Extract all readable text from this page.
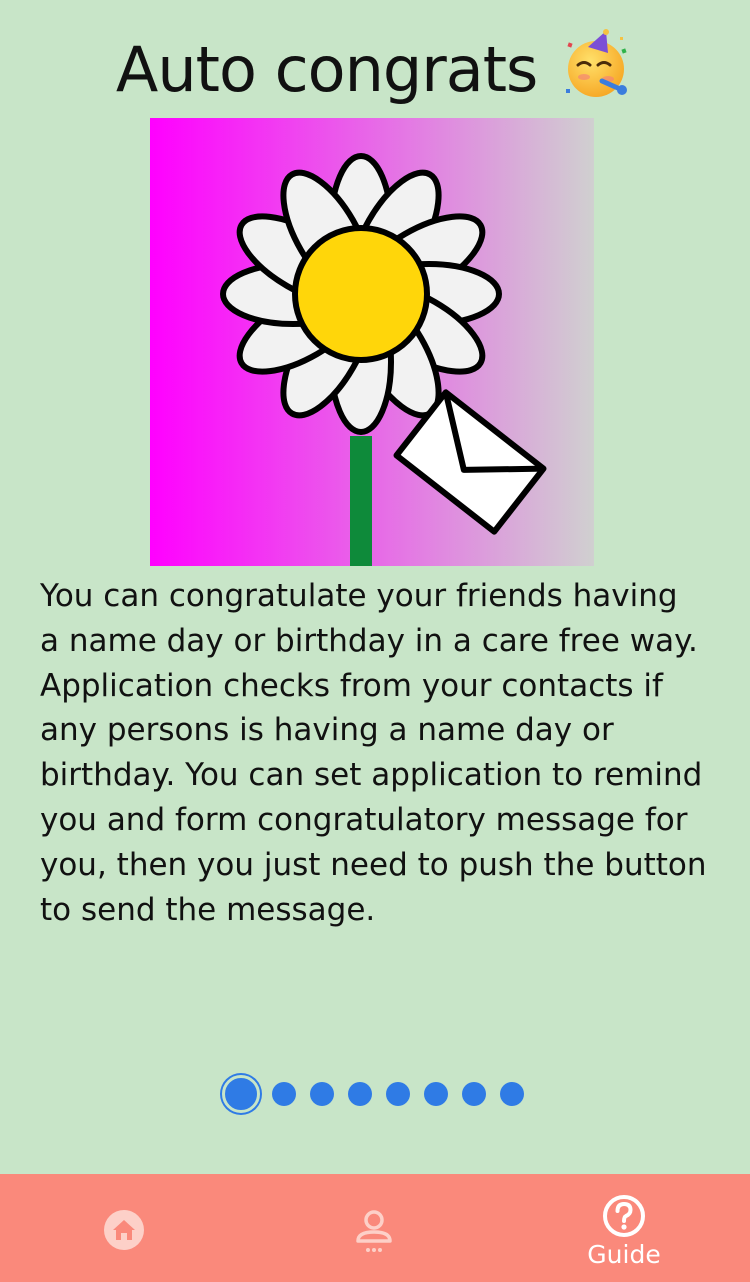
Auto congrats

You can congratulate your friends having
a name day or birthday in a care free way.
Application checks from your contacts if
any persons is having a name day or
birthday. You can set application to remind
you and form congratulatory message for
you, then you just need to push the button
to send the message.

Guide
